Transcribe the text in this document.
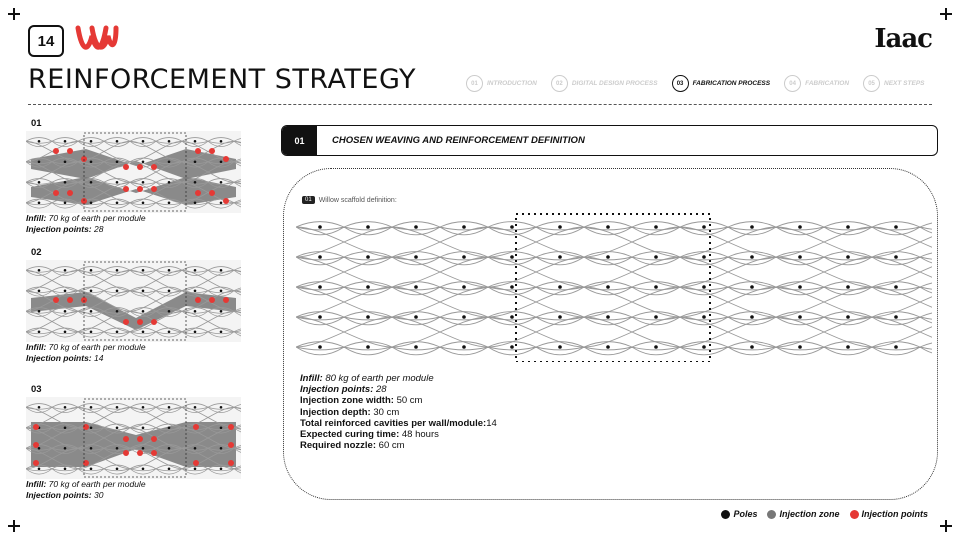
14	Iaac
REINFORCEMENT STRATEGY	01	INTRODUCTION	02	DIGITAL DESIGN PROCESS	03	FABRICATION PROCESS	04	FABRICATION	05	NEXT STEPS
01
Infill: 70 kg of earth per module
Injection points: 28
02
Infill: 70 kg of earth per module
Injection points: 14
03
Infill: 70 kg of earth per module
Injection points: 30
01	CHOSEN WEAVING AND REINFORCEMENT DEFINITION
01	Willow scaffold definition:
Infill: 80 kg of earth per module
Injection points: 28
Injection zone width: 50 cm
Injection depth: 30 cm
Total reinforced cavities per wall/module:14
Expected curing time: 48 hours
Required nozzle: 60 cm
Poles Injection zone Injection points
